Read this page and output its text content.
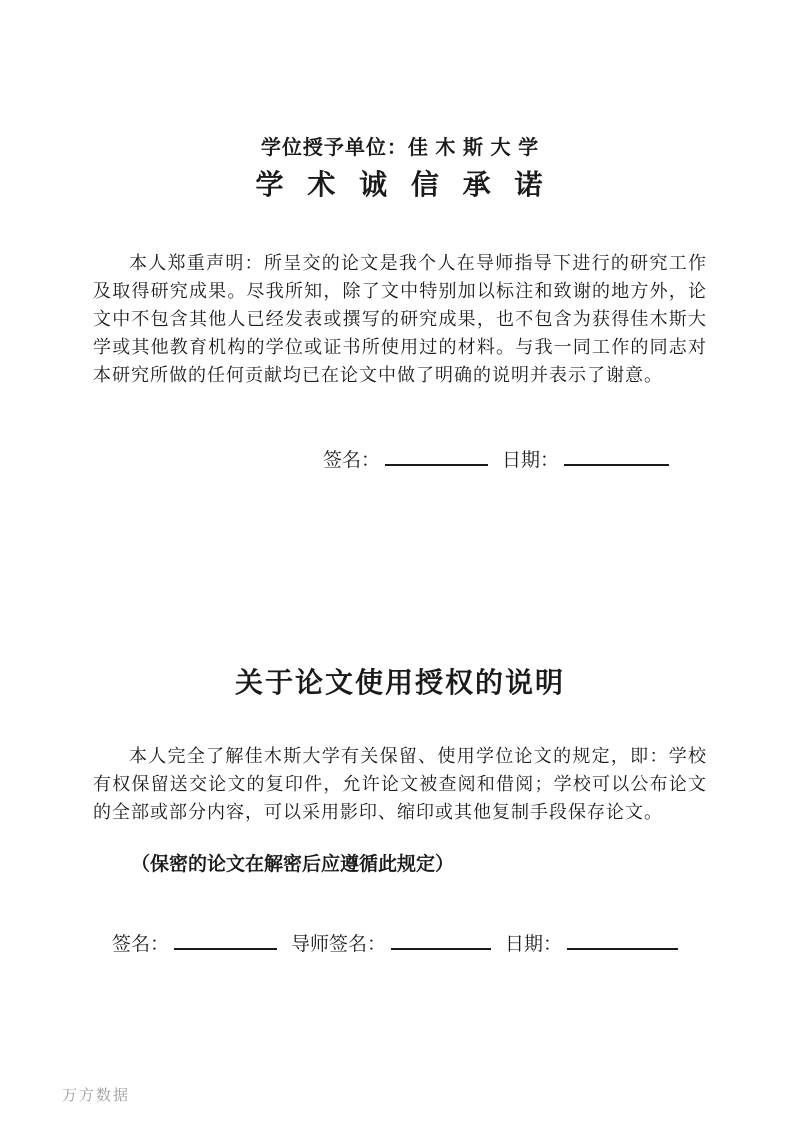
学位授予单位：佳 木 斯 大 学
学 术 诚 信 承 诺

本人郑重声明：所呈交的论文是我个人在导师指导下进行的研究工作及取得研究成果。尽我所知，除了文中特别加以标注和致谢的地方外，论文中不包含其他人已经发表或撰写的研究成果，也不包含为获得佳木斯大学或其他教育机构的学位或证书所使用过的材料。与我一同工作的同志对本研究所做的任何贡献均已在论文中做了明确的说明并表示了谢意。

签名：	日期：
关于论文使用授权的说明

本人完全了解佳木斯大学有关保留、使用学位论文的规定，即：学校有权保留送交论文的复印件，允许论文被查阅和借阅；学校可以公布论文的全部或部分内容，可以采用影印、缩印或其他复制手段保存论文。

（保密的论文在解密后应遵循此规定）
签名：	导师签名：	日期：
万方数据
